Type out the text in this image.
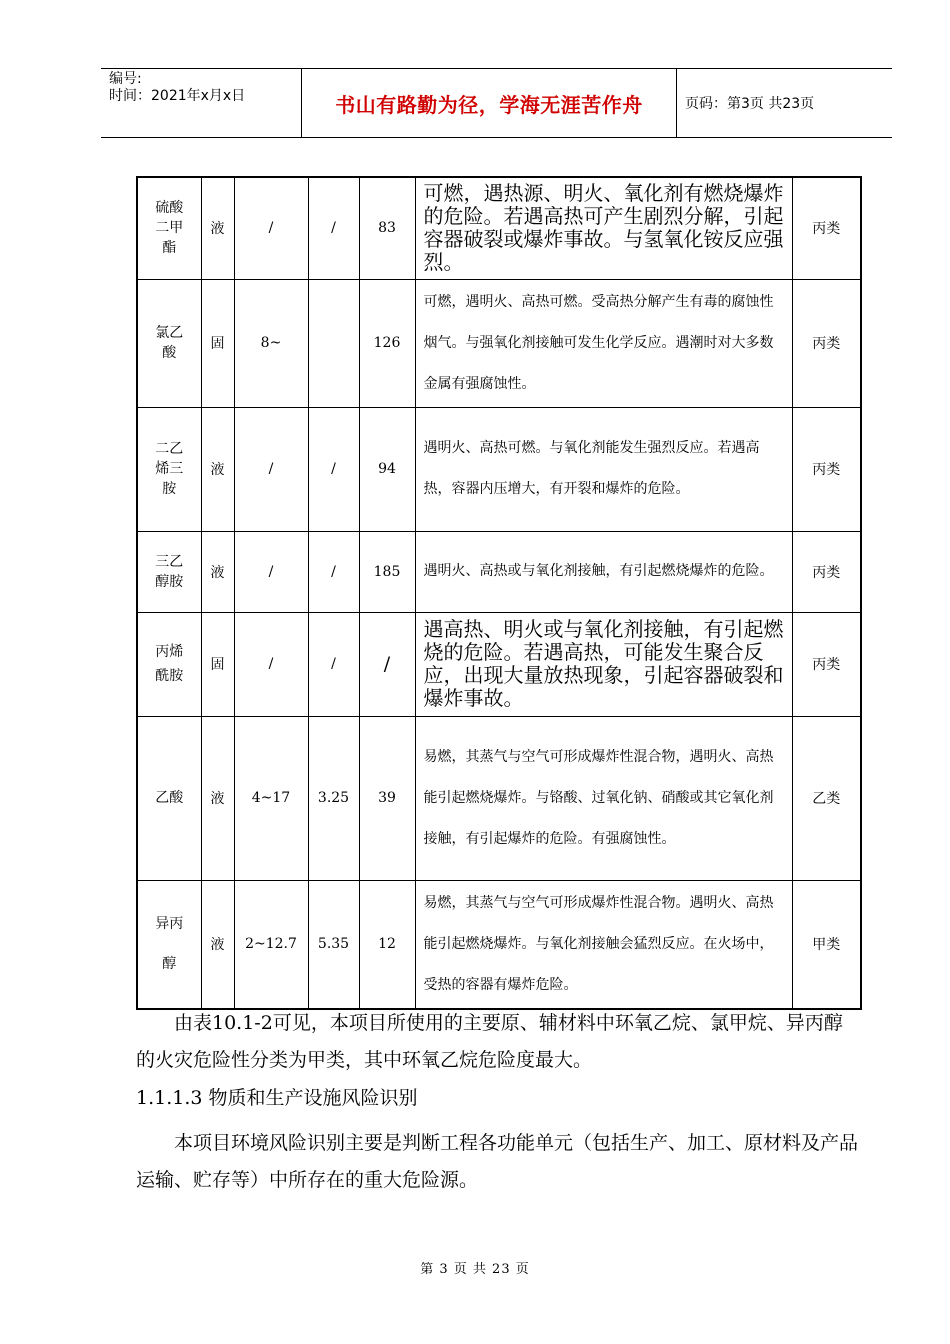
编号:
时间：2021年x月x日	书山有路勤为径，学海无涯苦作舟	页码：第3页 共23页
硫酸二甲酯	液	/	/	83	可燃，遇热源、明火、氧化剂有燃烧爆炸的危险。若遇高热可产生剧烈分解，引起容器破裂或爆炸事故。与氢氧化铵反应强烈。	丙类

氯乙酸	固	8~		126	可燃，遇明火、高热可燃。受高热分解产生有毒的腐蚀性烟气。与强氧化剂接触可发生化学反应。遇潮时对大多数金属有强腐蚀性。	丙类

二乙烯三胺	液	/	/	94	遇明火、高热可燃。与氧化剂能发生强烈反应。若遇高热，容器内压增大，有开裂和爆炸的危险。	丙类

三乙醇胺	液	/	/	185	遇明火、高热或与氧化剂接触，有引起燃烧爆炸的危险。	丙类

丙烯酰胺	固	/	/	/	遇高热、明火或与氧化剂接触，有引起燃烧的危险。若遇高热，可能发生聚合反应，出现大量放热现象，引起容器破裂和爆炸事故。	丙类
乙酸	液	4~17	3.25	39	易燃，其蒸气与空气可形成爆炸性混合物，遇明火、高热能引起燃烧爆炸。与铬酸、过氧化钠、硝酸或其它氧化剂接触，有引起爆炸的危险。有强腐蚀性。	乙类

异丙醇	液	2~12.7	5.35	12	易燃，其蒸气与空气可形成爆炸性混合物。遇明火、高热能引起燃烧爆炸。与氧化剂接触会猛烈反应。在火场中，受热的容器有爆炸危险。	甲类
由表10.1-2可见，本项目所使用的主要原、辅材料中环氧乙烷、氯甲烷、异丙醇的火灾危险性分类为甲类，其中环氧乙烷危险度最大。
1.1.1.3 物质和生产设施风险识别
本项目环境风险识别主要是判断工程各功能单元（包括生产、加工、原材料及产品运输、贮存等）中所存在的重大危险源。
第 3 页 共 23 页
